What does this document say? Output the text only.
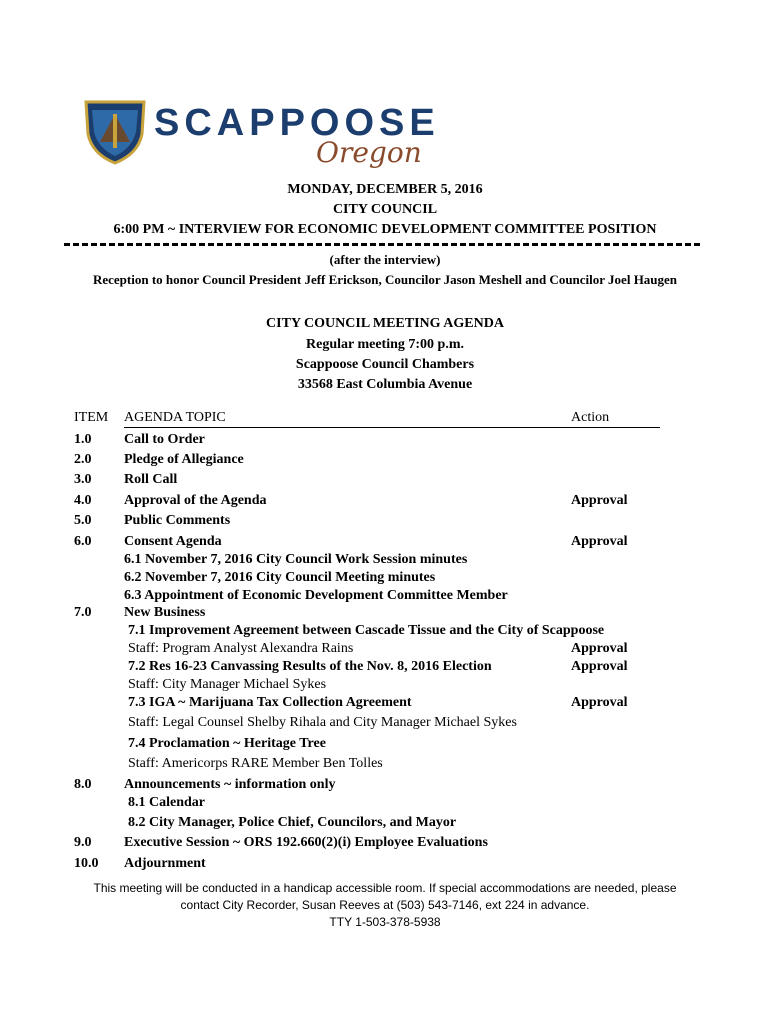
SCAPPOOSE
Oregon
MONDAY, DECEMBER 5, 2016
CITY COUNCIL
6:00 PM ~ INTERVIEW FOR ECONOMIC DEVELOPMENT COMMITTEE POSITION
(after the interview)
Reception to honor Council President Jeff Erickson, Councilor Jason Meshell and Councilor Joel Haugen
CITY COUNCIL MEETING AGENDA
Regular meeting 7:00 p.m.
Scappoose Council Chambers
33568 East Columbia Avenue
ITEM AGENDA TOPIC	Action
1.0 Call to Order
2.0 Pledge of Allegiance
3.0 Roll Call
4.0 Approval of the Agenda	Approval
5.0 Public Comments
6.0 Consent Agenda	Approval
6.1 November 7, 2016 City Council Work Session minutes
6.2 November 7, 2016 City Council Meeting minutes
6.3 Appointment of Economic Development Committee Member
7.0 New Business
7.1 Improvement Agreement between Cascade Tissue and the City of Scappoose
Staff: Program Analyst Alexandra Rains	Approval
7.2 Res 16-23 Canvassing Results of the Nov. 8, 2016 Election	Approval
Staff: City Manager Michael Sykes
7.3 IGA ~ Marijuana Tax Collection Agreement	Approval
Staff: Legal Counsel Shelby Rihala and City Manager Michael Sykes
7.4 Proclamation ~ Heritage Tree
Staff: Americorps RARE Member Ben Tolles
8.0 Announcements ~ information only
8.1 Calendar
8.2 City Manager, Police Chief, Councilors, and Mayor
9.0 Executive Session ~ ORS 192.660(2)(i) Employee Evaluations
10.0 Adjournment
This meeting will be conducted in a handicap accessible room. If special accommodations are needed, please
contact City Recorder, Susan Reeves at (503) 543-7146, ext 224 in advance.
TTY 1-503-378-5938
